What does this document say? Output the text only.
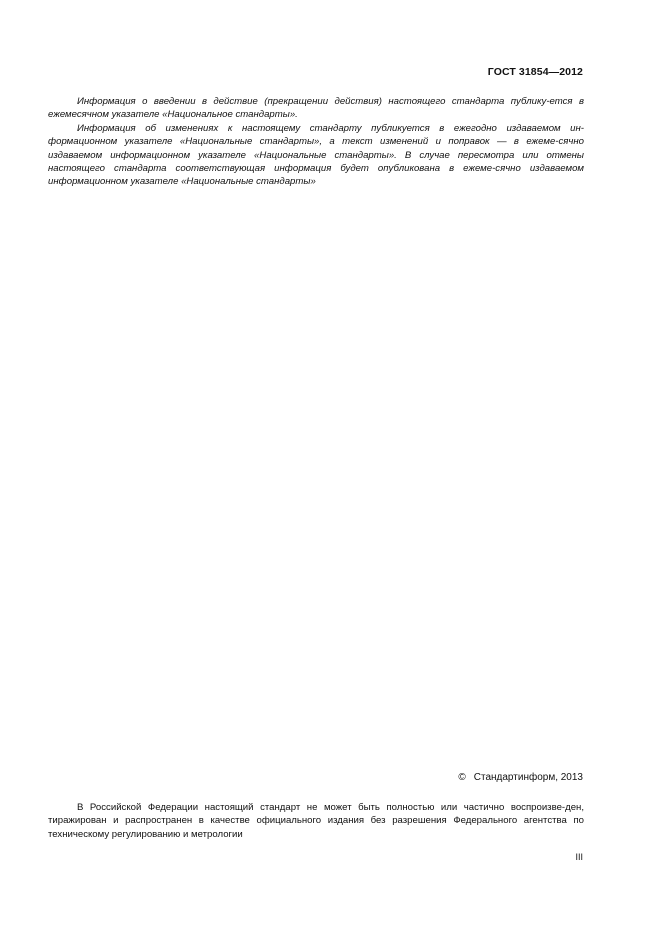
ГОСТ 31854—2012

Информация о введении в действие (прекращении действия) настоящего стандарта публику-ется в ежемесячном указателе «Национальное стандарты».

Информация об изменениях к настоящему стандарту публикуется в ежегодно издаваемом ин-формационном указателе «Национальные стандарты», а текст изменений и поправок — в ежеме-сячно издаваемом информационном указателе «Национальные стандарты». В случае пересмотра или отмены настоящего стандарта соответствующая информация будет опубликована в ежеме-сячно издаваемом информационном указателе «Национальные стандарты»

© Стандартинформ, 2013

В Российской Федерации настоящий стандарт не может быть полностью или частично воспроизве-ден, тиражирован и распространен в качестве официального издания без разрешения Федерального агентства по техническому регулированию и метрологии

III
